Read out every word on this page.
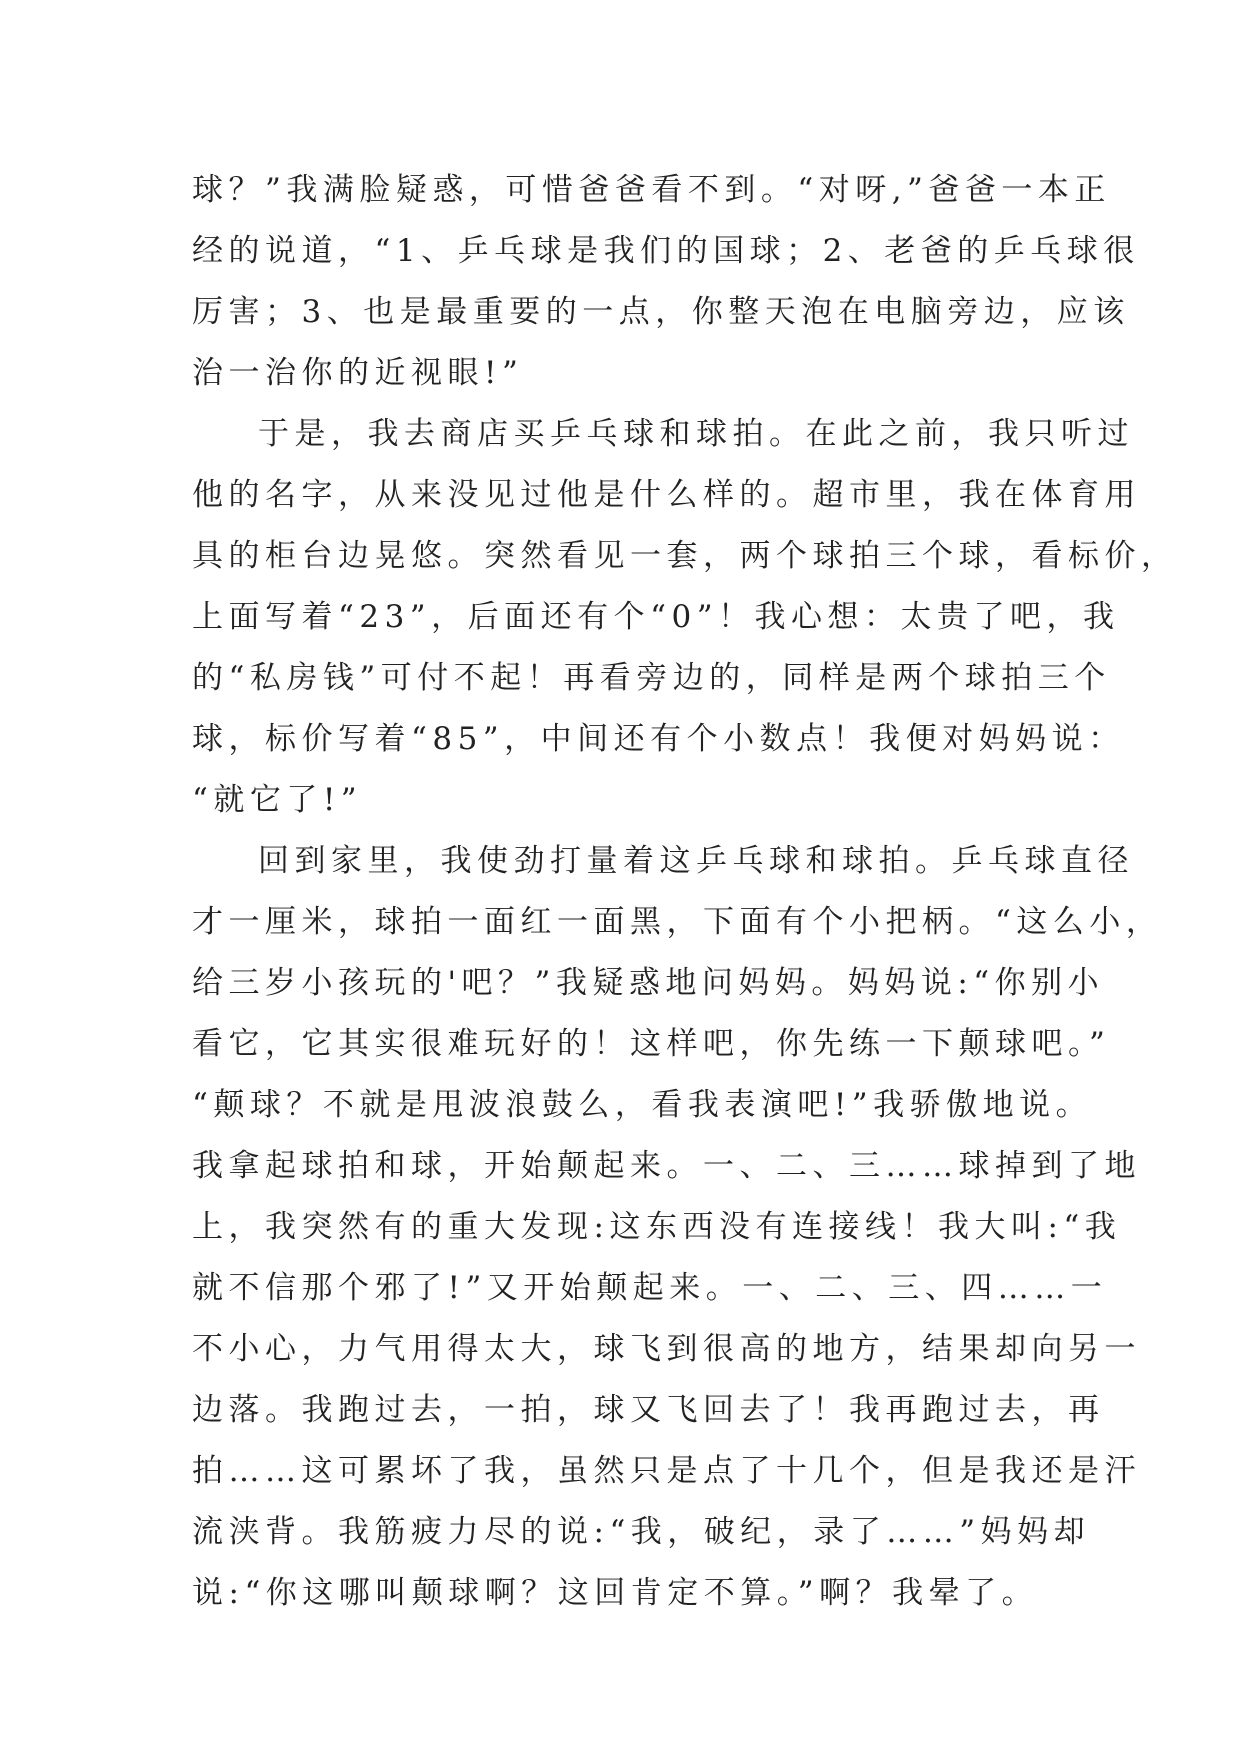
球？”我满脸疑惑，可惜爸爸看不到。“对呀,”爸爸一本正
经的说道，“1、乒乓球是我们的国球；2、老爸的乒乓球很
厉害；3、也是最重要的一点，你整天泡在电脑旁边，应该
治一治你的近视眼!”
于是，我去商店买乒乓球和球拍。在此之前，我只听过
他的名字，从来没见过他是什么样的。超市里，我在体育用
具的柜台边晃悠。突然看见一套，两个球拍三个球，看标价，
上面写着“23”，后面还有个“0”！我心想：太贵了吧，我
的“私房钱”可付不起！再看旁边的，同样是两个球拍三个
球，标价写着“85”，中间还有个小数点！我便对妈妈说：
“就它了!”
回到家里，我使劲打量着这乒乓球和球拍。乒乓球直径
才一厘米，球拍一面红一面黑，下面有个小把柄。“这么小，
给三岁小孩玩的'吧？”我疑惑地问妈妈。妈妈说:“你别小
看它，它其实很难玩好的！这样吧，你先练一下颠球吧。”
“颠球？不就是甩波浪鼓么，看我表演吧!”我骄傲地说。
我拿起球拍和球，开始颠起来。一、二、三……球掉到了地
上，我突然有的重大发现:这东西没有连接线！我大叫:“我
就不信那个邪了!”又开始颠起来。一、二、三、四……一
不小心，力气用得太大，球飞到很高的地方，结果却向另一
边落。我跑过去，一拍，球又飞回去了！我再跑过去，再
拍……这可累坏了我，虽然只是点了十几个，但是我还是汗
流浃背。我筋疲力尽的说:“我，破纪，录了……”妈妈却
说:“你这哪叫颠球啊？这回肯定不算。”啊？我晕了。
